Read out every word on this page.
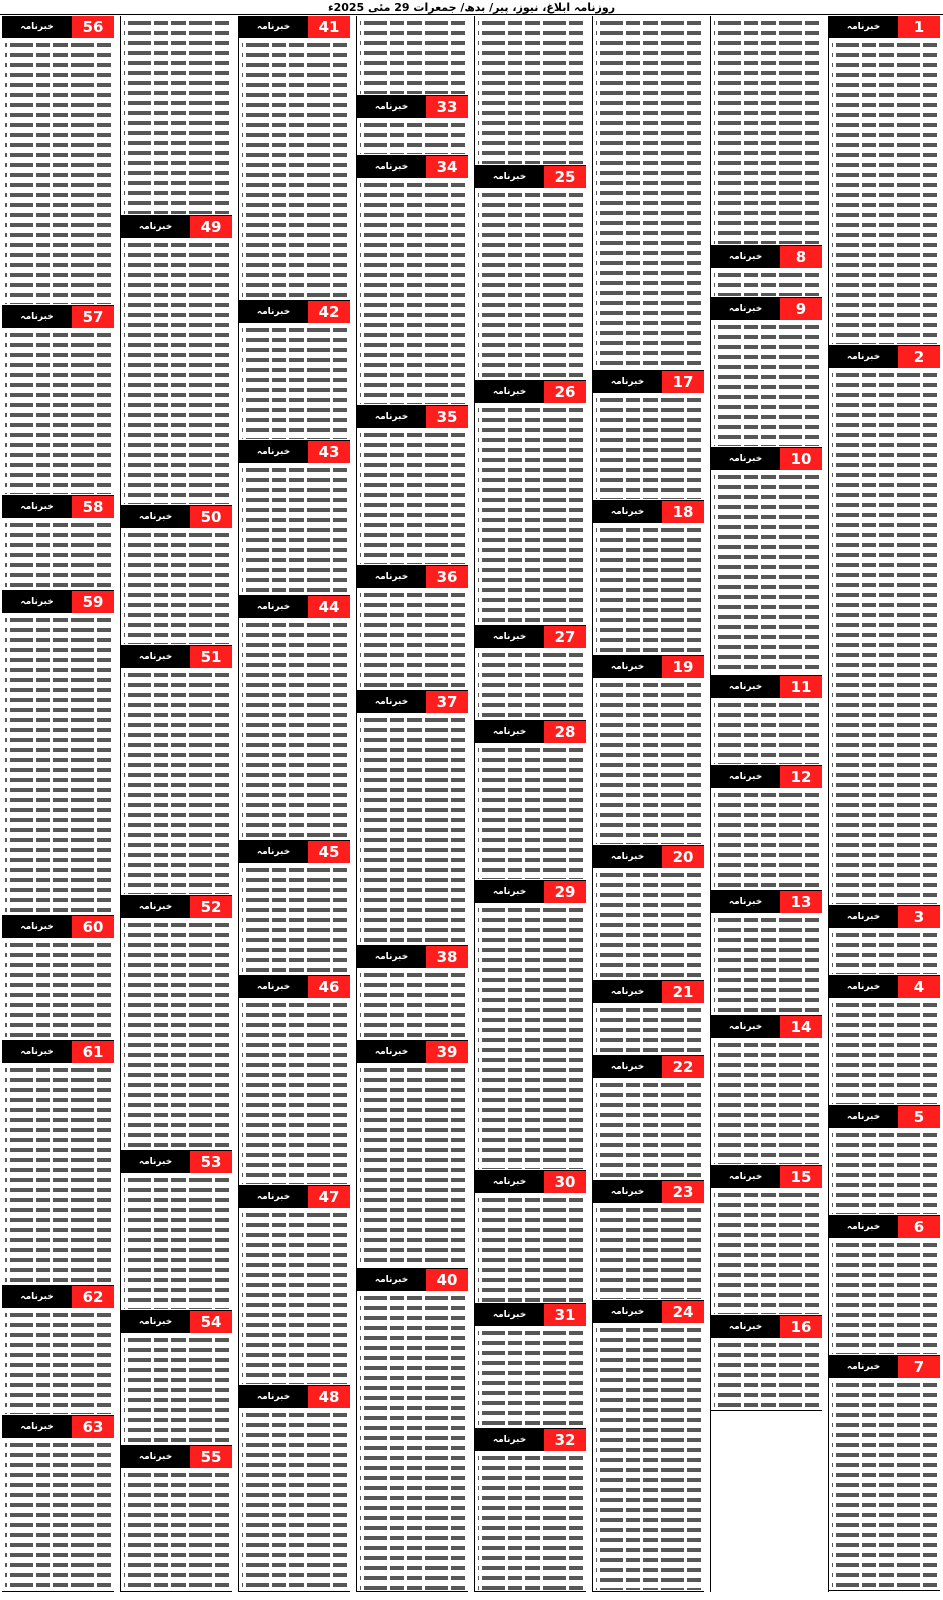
روزنامہ ابلاغ، نیوز، پیر/ بدھ/ جمعرات 29 مئی 2025ء
1
خبرنامہ
2
خبرنامہ
3
خبرنامہ
4
خبرنامہ
5
خبرنامہ
6
خبرنامہ
7
خبرنامہ
8
خبرنامہ
9
خبرنامہ
10
خبرنامہ
11
خبرنامہ
12
خبرنامہ
13
خبرنامہ
14
خبرنامہ
15
خبرنامہ
16
خبرنامہ
17
خبرنامہ
18
خبرنامہ
19
خبرنامہ
20
خبرنامہ
21
خبرنامہ
22
خبرنامہ
23
خبرنامہ
24
خبرنامہ
25
خبرنامہ
26
خبرنامہ
27
خبرنامہ
28
خبرنامہ
29
خبرنامہ
30
خبرنامہ
31
خبرنامہ
32
خبرنامہ
33
خبرنامہ
34
خبرنامہ
35
خبرنامہ
36
خبرنامہ
37
خبرنامہ
38
خبرنامہ
39
خبرنامہ
40
خبرنامہ
41
خبرنامہ
42
خبرنامہ
43
خبرنامہ
44
خبرنامہ
45
خبرنامہ
46
خبرنامہ
47
خبرنامہ
48
خبرنامہ
49
خبرنامہ
50
خبرنامہ
51
خبرنامہ
52
خبرنامہ
53
خبرنامہ
54
خبرنامہ
55
خبرنامہ
56
خبرنامہ
57
خبرنامہ
58
خبرنامہ
59
خبرنامہ
60
خبرنامہ
61
خبرنامہ
62
خبرنامہ
63
خبرنامہ
